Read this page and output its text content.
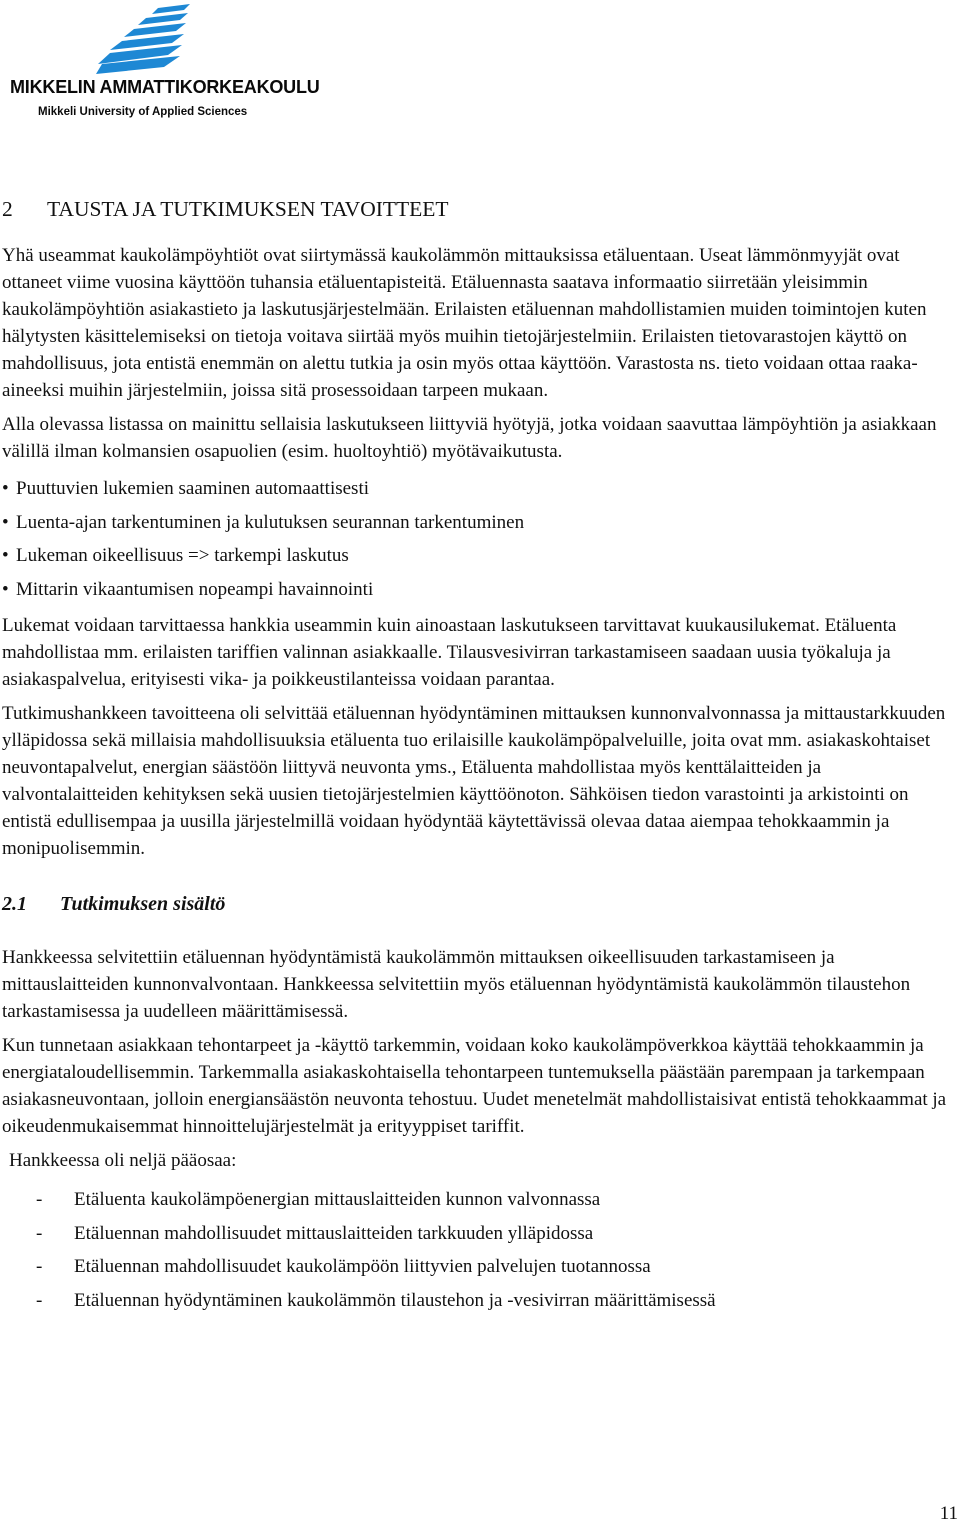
MIKKELIN AMMATTIKORKEAKOULU
Mikkeli University of Applied Sciences
2 TAUSTA JA TUTKIMUKSEN TAVOITTEET

Yhä useammat kaukolämpöyhtiöt ovat siirtymässä kaukolämmön mittauksissa etäluentaan. Useat lämmönmyyjät ovat ottaneet viime vuosina käyttöön tuhansia etäluentapisteitä. Etäluennasta saatava informaatio siirretään yleisimmin kaukolämpöyhtiön asiakastieto ja laskutusjärjestelmään. Erilaisten etäluennan mahdollistamien muiden toimintojen kuten hälytysten käsittelemiseksi on tietoja voitava siirtää myös muihin tietojärjestelmiin. Erilaisten tietovarastojen käyttö on mahdollisuus, jota entistä enemmän on alettu tutkia ja osin myös ottaa käyttöön. Varastosta ns. tieto voidaan ottaa raaka-aineeksi muihin järjestelmiin, joissa sitä prosessoidaan tarpeen mukaan.

Alla olevassa listassa on mainittu sellaisia laskutukseen liittyviä hyötyjä, jotka voidaan saavuttaa lämpöyhtiön ja asiakkaan välillä ilman kolmansien osapuolien (esim. huoltoyhtiö) myötävaikutusta.

• Puuttuvien lukemien saaminen automaattisesti
• Luenta-ajan tarkentuminen ja kulutuksen seurannan tarkentuminen
• Lukeman oikeellisuus => tarkempi laskutus
• Mittarin vikaantumisen nopeampi havainnointi

Lukemat voidaan tarvittaessa hankkia useammin kuin ainoastaan laskutukseen tarvittavat kuukausilukemat. Etäluenta mahdollistaa mm. erilaisten tariffien valinnan asiakkaalle. Tilausvesivirran tarkastamiseen saadaan uusia työkaluja ja asiakaspalvelua, erityisesti vika- ja poikkeustilanteissa voidaan parantaa.

Tutkimushankkeen tavoitteena oli selvittää etäluennan hyödyntäminen mittauksen kunnonvalvonnassa ja mittaustarkkuuden ylläpidossa sekä millaisia mahdollisuuksia etäluenta tuo erilaisille kaukolämpöpalveluille, joita ovat mm. asiakaskohtaiset neuvontapalvelut, energian säästöön liittyvä neuvonta yms., Etäluenta mahdollistaa myös kenttälaitteiden ja valvontalaitteiden kehityksen sekä uusien tietojärjestelmien käyttöönoton. Sähköisen tiedon varastointi ja arkistointi on entistä edullisempaa ja uusilla järjestelmillä voidaan hyödyntää käytettävissä olevaa dataa aiempaa tehokkaammin ja monipuolisemmin.

2.1 Tutkimuksen sisältö

Hankkeessa selvitettiin etäluennan hyödyntämistä kaukolämmön mittauksen oikeellisuuden tarkastamiseen ja mittauslaitteiden kunnonvalvontaan. Hankkeessa selvitettiin myös etäluennan hyödyntämistä kaukolämmön tilaustehon tarkastamisessa ja uudelleen määrittämisessä.

Kun tunnetaan asiakkaan tehontarpeet ja -käyttö tarkemmin, voidaan koko kaukolämpöverkkoa käyttää tehokkaammin ja energiataloudellisemmin. Tarkemmalla asiakaskohtaisella tehontarpeen tuntemuksella päästään parempaan ja tarkempaan asiakasneuvontaan, jolloin energiansäästön neuvonta tehostuu. Uudet menetelmät mahdollistaisivat entistä tehokkaammat ja oikeudenmukaisemmat hinnoittelujärjestelmät ja erityyppiset tariffit.

Hankkeessa oli neljä pääosaa:

- Etäluenta kaukolämpöenergian mittauslaitteiden kunnon valvonnassa
- Etäluennan mahdollisuudet mittauslaitteiden tarkkuuden ylläpidossa
- Etäluennan mahdollisuudet kaukolämpöön liittyvien palvelujen tuotannossa
- Etäluennan hyödyntäminen kaukolämmön tilaustehon ja -vesivirran määrittämisessä
11
